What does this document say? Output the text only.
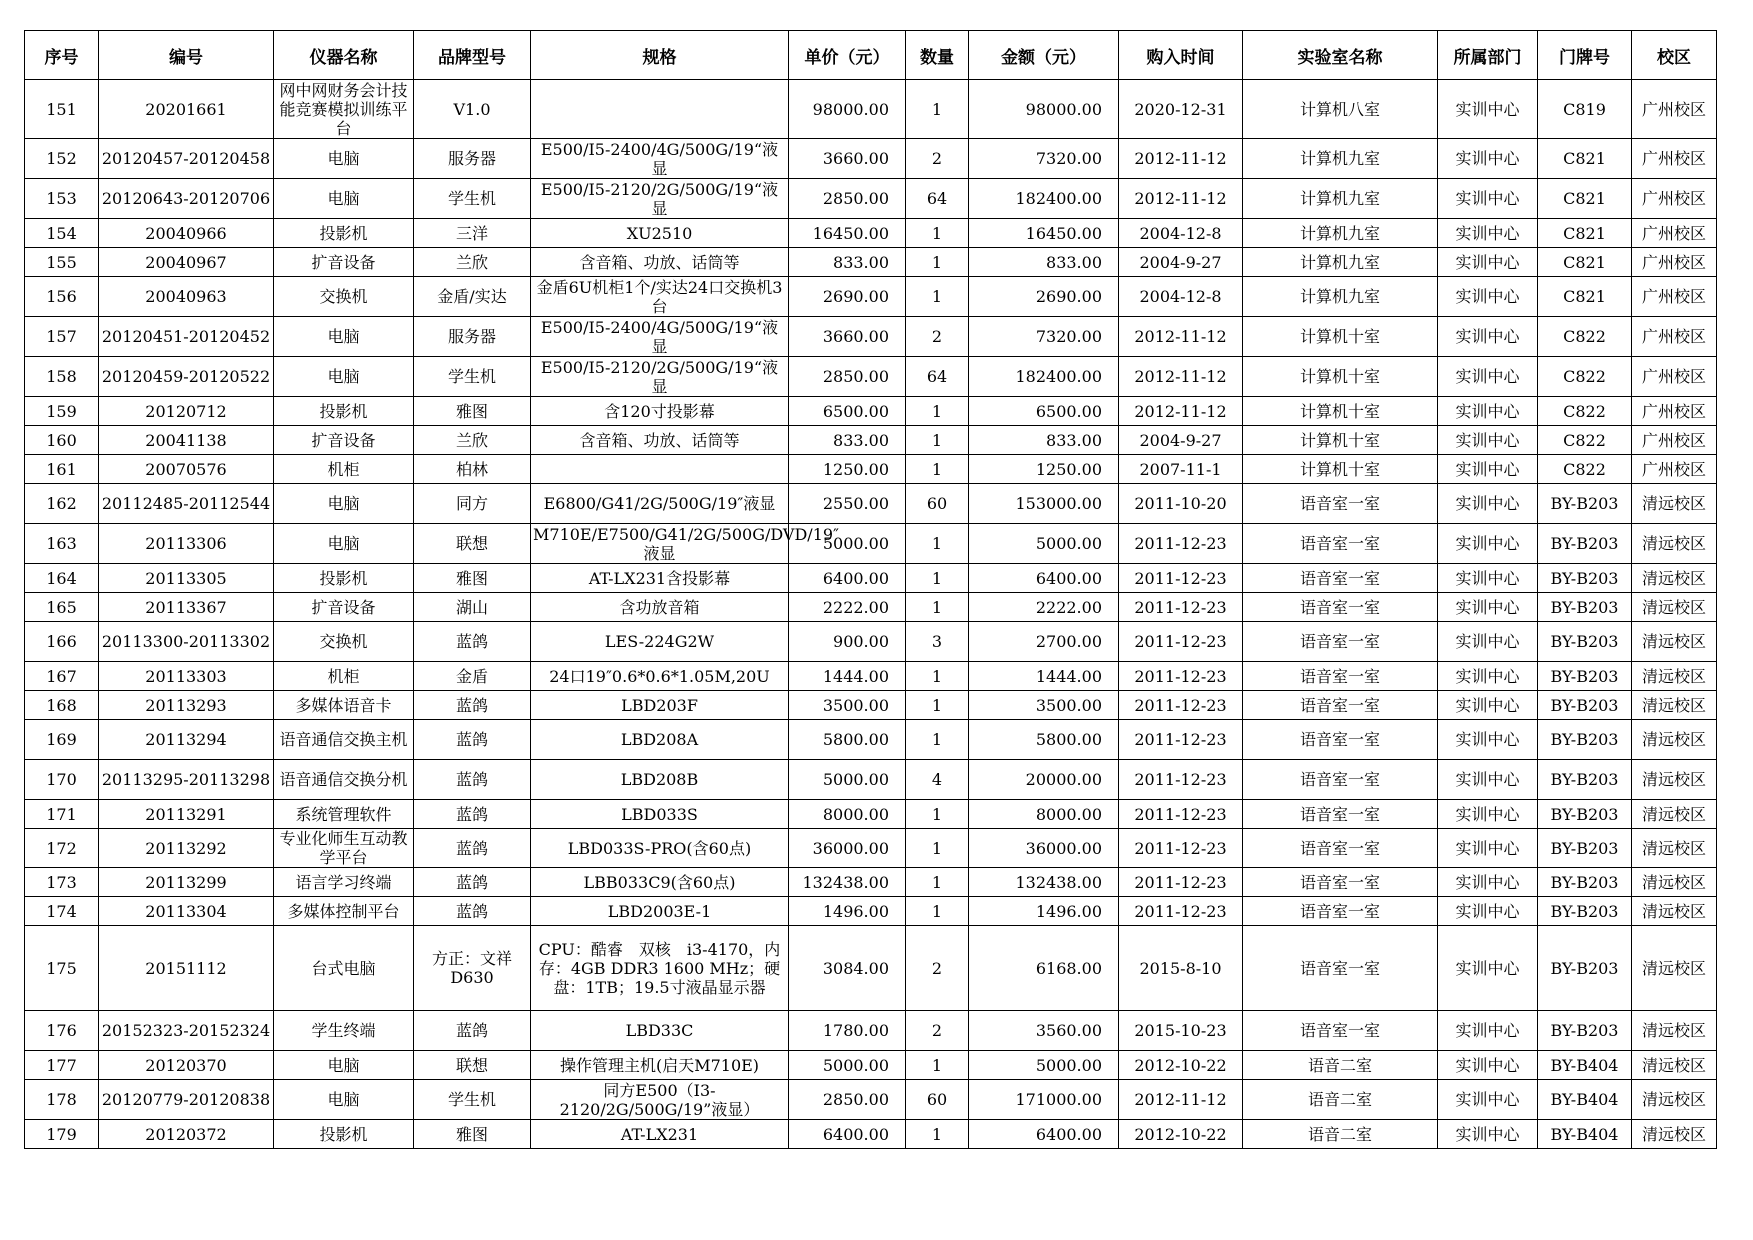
序号	编号	仪器名称	品牌型号	规格	单价（元）	数量	金额（元）	购入时间	实验室名称	所属部门	门牌号	校区

151	20201661	网中网财务会计技能竞赛模拟训练平台	V1.0		98000.00	1	98000.00	2020-12-31	计算机八室	实训中心	C819	广州校区

152	20120457-20120458	电脑	服务器	E500/I5-2400/4G/500G/19“液显	3660.00	2	7320.00	2012-11-12	计算机九室	实训中心	C821	广州校区

153	20120643-20120706	电脑	学生机	E500/I5-2120/2G/500G/19“液显	2850.00	64	182400.00	2012-11-12	计算机九室	实训中心	C821	广州校区

154	20040966	投影机	三洋	XU2510	16450.00	1	16450.00	2004-12-8	计算机九室	实训中心	C821	广州校区

155	20040967	扩音设备	兰欣	含音箱、功放、话筒等	833.00	1	833.00	2004-9-27	计算机九室	实训中心	C821	广州校区

156	20040963	交换机	金盾/实达	金盾6U机柜1个/实达24口交换机3台	2690.00	1	2690.00	2004-12-8	计算机九室	实训中心	C821	广州校区

157	20120451-20120452	电脑	服务器	E500/I5-2400/4G/500G/19“液显	3660.00	2	7320.00	2012-11-12	计算机十室	实训中心	C822	广州校区

158	20120459-20120522	电脑	学生机	E500/I5-2120/2G/500G/19“液显	2850.00	64	182400.00	2012-11-12	计算机十室	实训中心	C822	广州校区

159	20120712	投影机	雅图	含120寸投影幕	6500.00	1	6500.00	2012-11-12	计算机十室	实训中心	C822	广州校区

160	20041138	扩音设备	兰欣	含音箱、功放、话筒等	833.00	1	833.00	2004-9-27	计算机十室	实训中心	C822	广州校区

161	20070576	机柜	柏林		1250.00	1	1250.00	2007-11-1	计算机十室	实训中心	C822	广州校区

162	20112485-20112544	电脑	同方	E6800/G41/2G/500G/19″液显	2550.00	60	153000.00	2011-10-20	语音室一室	实训中心	BY-B203	清远校区

163	20113306	电脑	联想	M710E/E7500/G41/2G/500G/DVD/19″液显	5000.00	1	5000.00	2011-12-23	语音室一室	实训中心	BY-B203	清远校区

164	20113305	投影机	雅图	AT-LX231含投影幕	6400.00	1	6400.00	2011-12-23	语音室一室	实训中心	BY-B203	清远校区

165	20113367	扩音设备	湖山	含功放音箱	2222.00	1	2222.00	2011-12-23	语音室一室	实训中心	BY-B203	清远校区

166	20113300-20113302	交换机	蓝鸽	LES-224G2W	900.00	3	2700.00	2011-12-23	语音室一室	实训中心	BY-B203	清远校区

167	20113303	机柜	金盾	24口19″0.6*0.6*1.05M,20U	1444.00	1	1444.00	2011-12-23	语音室一室	实训中心	BY-B203	清远校区

168	20113293	多媒体语音卡	蓝鸽	LBD203F	3500.00	1	3500.00	2011-12-23	语音室一室	实训中心	BY-B203	清远校区

169	20113294	语音通信交换主机	蓝鸽	LBD208A	5800.00	1	5800.00	2011-12-23	语音室一室	实训中心	BY-B203	清远校区

170	20113295-20113298	语音通信交换分机	蓝鸽	LBD208B	5000.00	4	20000.00	2011-12-23	语音室一室	实训中心	BY-B203	清远校区

171	20113291	系统管理软件	蓝鸽	LBD033S	8000.00	1	8000.00	2011-12-23	语音室一室	实训中心	BY-B203	清远校区

172	20113292	专业化师生互动教学平台	蓝鸽	LBD033S-PRO(含60点)	36000.00	1	36000.00	2011-12-23	语音室一室	实训中心	BY-B203	清远校区

173	20113299	语言学习终端	蓝鸽	LBB033C9(含60点)	132438.00	1	132438.00	2011-12-23	语音室一室	实训中心	BY-B203	清远校区

174	20113304	多媒体控制平台	蓝鸽	LBD2003E-1	1496.00	1	1496.00	2011-12-23	语音室一室	实训中心	BY-B203	清远校区

175	20151112	台式电脑	方正：文祥D630	CPU：酷睿　双核　i3-4170，内存：4GB DDR3 1600 MHz；硬盘：1TB；19.5寸液晶显示器	3084.00	2	6168.00	2015-8-10	语音室一室	实训中心	BY-B203	清远校区

176	20152323-20152324	学生终端	蓝鸽	LBD33C	1780.00	2	3560.00	2015-10-23	语音室一室	实训中心	BY-B203	清远校区

177	20120370	电脑	联想	操作管理主机(启天M710E)	5000.00	1	5000.00	2012-10-22	语音二室	实训中心	BY-B404	清远校区

178	20120779-20120838	电脑	学生机	同方E500（I3-2120/2G/500G/19”液显）	2850.00	60	171000.00	2012-11-12	语音二室	实训中心	BY-B404	清远校区

179	20120372	投影机	雅图	AT-LX231	6400.00	1	6400.00	2012-10-22	语音二室	实训中心	BY-B404	清远校区
